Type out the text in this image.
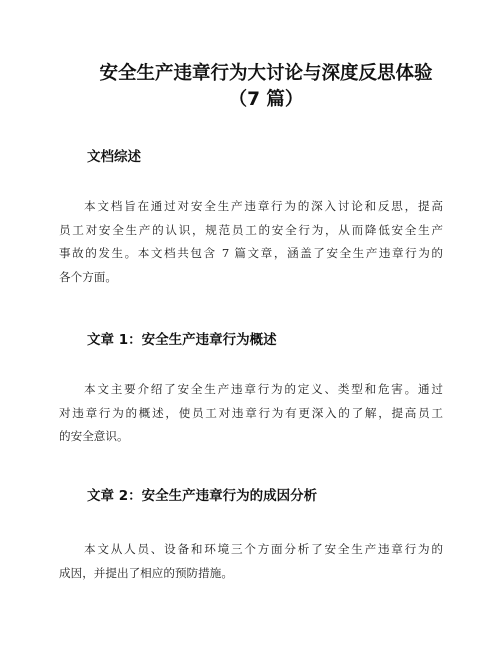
安全生产违章行为大讨论与深度反思体验
（7 篇）
文档综述
本文档旨在通过对安全生产违章行为的深入讨论和反思，提高
员工对安全生产的认识，规范员工的安全行为，从而降低安全生产
事故的发生。本文档共包含 7 篇文章，涵盖了安全生产违章行为的
各个方面。
文章 1：安全生产违章行为概述
本文主要介绍了安全生产违章行为的定义、类型和危害。通过
对违章行为的概述，使员工对违章行为有更深入的了解，提高员工
的安全意识。
文章 2：安全生产违章行为的成因分析
本文从人员、设备和环境三个方面分析了安全生产违章行为的
成因，并提出了相应的预防措施。
